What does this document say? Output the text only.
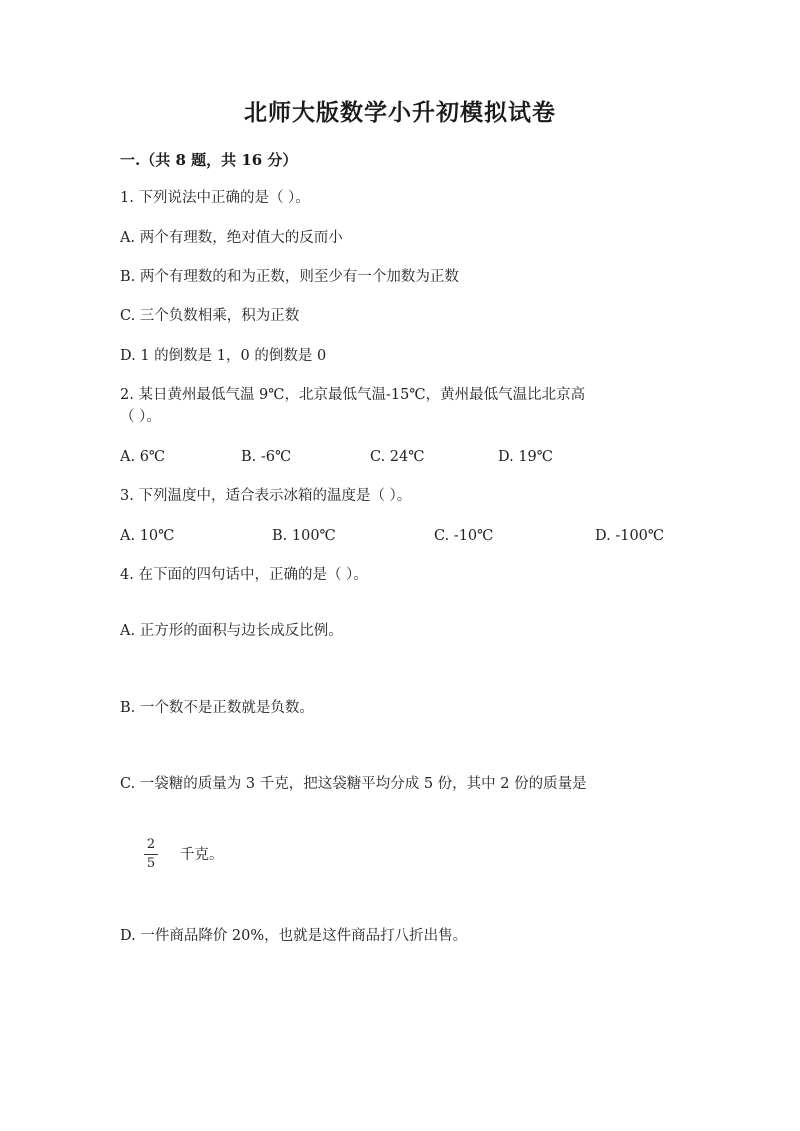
北师大版数学小升初模拟试卷
一.（共 8 题，共 16 分）
1. 下列说法中正确的是（ ）。
A. 两个有理数，绝对值大的反而小
B. 两个有理数的和为正数，则至少有一个加数为正数
C. 三个负数相乘，积为正数
D. 1 的倒数是 1，0 的倒数是 0
2. 某日黄州最低气温 9℃，北京最低气温-15℃，黄州最低气温比北京高
（ ）。
A. 6℃	B. -6℃	C. 24℃	D. 19℃
3. 下列温度中，适合表示冰箱的温度是（ ）。
A. 10℃	B. 100℃	C. -10℃	D. -100℃
4. 在下面的四句话中，正确的是（ ）。
A. 正方形的面积与边长成反比例。
B. 一个数不是正数就是负数。
C. 一袋糖的质量为 3 千克，把这袋糖平均分成 5 份，其中 2 份的质量是
2
5
千克。
D. 一件商品降价 20%，也就是这件商品打八折出售。
